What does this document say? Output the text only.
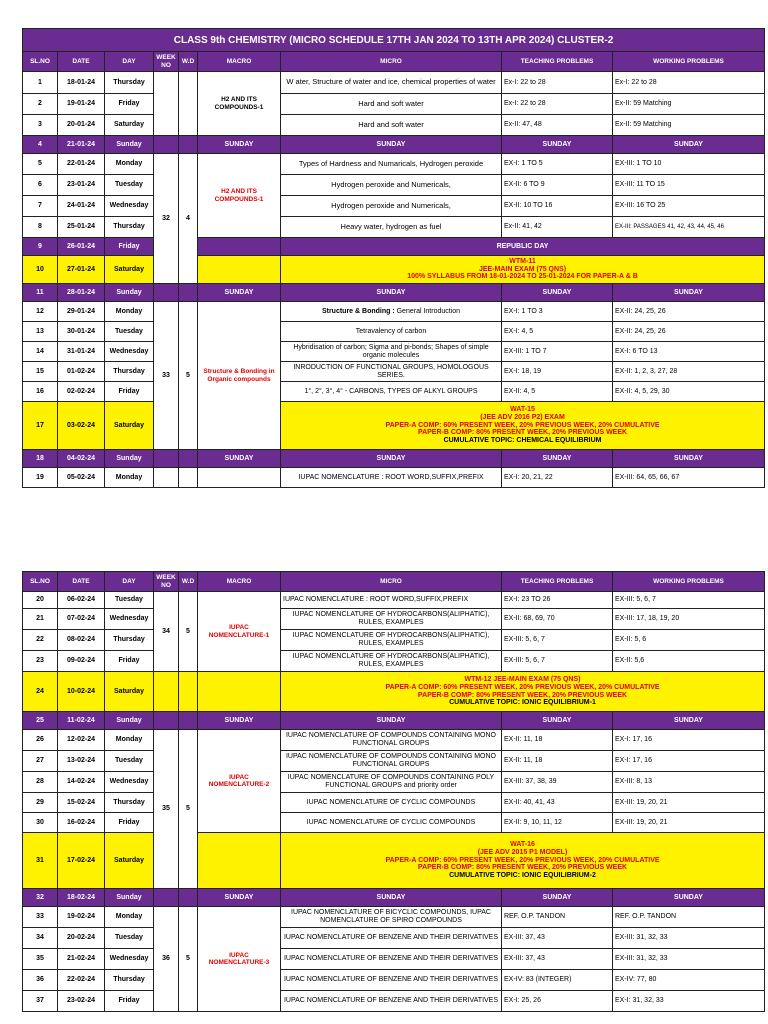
CLASS 9th CHEMISTRY (MICRO SCHEDULE 17TH JAN 2024 TO 13TH APR 2024) CLUSTER-2								
SL.NO	DATE	DAY	WEEK NO	W.D	MACRO	MICRO	TEACHING PROBLEMS	WORKING PROBLEMS
1	18-01-24	Thursday			H2 AND ITS COMPOUNDS-1	W ater, Structure of water and ice, chemical properties of water	Ex-I: 22 to 28	Ex-I: 22 to 28
2	19-01-24	Friday				Hard and soft water	Ex-I: 22 to 28	Ex-II: 59 Matching
3	20-01-24	Saturday				Hard and soft water	Ex-II: 47, 48	Ex-II: 59 Matching
4	21-01-24	Sunday			SUNDAY	SUNDAY	SUNDAY	SUNDAY
5	22-01-24	Monday	32	4	H2 AND ITS COMPOUNDS-1	Types of Hardness and Numaricals, Hydrogen peroxide	EX-I: 1 TO 5	EX-III: 1 TO 10
6	23-01-24	Tuesday				Hydrogen peroxide and Numericals,	EX-II: 6 TO 9	EX-III: 11 TO 15
7	24-01-24	Wednesday				Hydrogen peroxide and Numericals,	EX-II: 10 TO 16	EX-III: 16 TO 25
8	25-01-24	Thursday				Heavy water, hydrogen as fuel	Ex-II: 41, 42	EX-III: PASSAGES 41, 42, 43, 44, 45, 46
9	26-01-24	Friday				REPUBLIC DAY		
10	27-01-24	Saturday				WTM-11
JEE-MAIN EXAM (75 QNS)
100% SYLLABUS FROM 18-01-2024 TO 25-01-2024 FOR PAPER-A & B		

11	28-01-24	Sunday			SUNDAY	SUNDAY	SUNDAY	SUNDAY
12	29-01-24	Monday	33	5	Structure & Bonding in Organic compounds	Structure & Bonding : General Introduction	EX-I: 1 TO 3	EX-II: 24, 25, 26
13	30-01-24	Tuesday				Tetravalency of carbon	EX-I: 4, 5	EX-II: 24, 25, 26
14	31-01-24	Wednesday				Hybridisation of carbon; Sigma and pi-bonds; Shapes of simple organic molecules	EX-III: 1 TO 7	EX-I: 6 TO 13
15	01-02-24	Thursday				INRODUCTION OF FUNCTIONAL GROUPS, HOMOLOGOUS SERIES.	EX-I: 18, 19	EX-II: 1, 2, 3, 27, 28
16	02-02-24	Friday				1°, 2°, 3°, 4° - CARBONS, TYPES OF ALKYL GROUPS	EX-II: 4, 5	EX-II: 4, 5, 29, 30
17	03-02-24	Saturday				WAT-15
(JEE ADV 2016 P2) EXAM
PAPER-A COMP: 60% PRESENT WEEK, 20% PREVIOUS WEEK, 20% CUMULATIVE
PAPER-B COMP: 80% PRESENT WEEK, 20% PREVIOUS WEEK
CUMULATIVE TOPIC: CHEMICAL EQUILIBRIUM		

18	04-02-24	Sunday			SUNDAY	SUNDAY	SUNDAY	SUNDAY
19	05-02-24	Monday				IUPAC NOMENCLATURE : ROOT WORD,SUFFIX,PREFIX	EX-I: 20, 21, 22	EX-III: 64, 65, 66, 67
SL.NO	DATE	DAY	WEEK NO	W.D	MACRO	MICRO	TEACHING PROBLEMS	WORKING PROBLEMS
20	06-02-24	Tuesday	34	5	IUPAC NOMENCLATURE-1	IUPAC NOMENCLATURE : ROOT WORD,SUFFIX,PREFIX	EX-I: 23 TO 26	EX-III: 5, 6, 7
21	07-02-24	Wednesday				IUPAC NOMENCLATURE OF HYDROCARBONS(ALIPHATIC), RULES, EXAMPLES	EX-II: 68, 69, 70	EX-III: 17, 18, 19, 20
22	08-02-24	Thursday				IUPAC NOMENCLATURE OF HYDROCARBONS(ALIPHATIC), RULES, EXAMPLES	EX-III: 5, 6, 7	EX-II: 5, 6
23	09-02-24	Friday				IUPAC NOMENCLATURE OF HYDROCARBONS(ALIPHATIC), RULES, EXAMPLES	EX-III: 5, 6, 7	EX-II: 5,6
24	10-02-24	Saturday				WTM-12 JEE-MAIN EXAM (75 QNS)
PAPER-A COMP: 60% PRESENT WEEK, 20% PREVIOUS WEEK, 20% CUMULATIVE
PAPER-B COMP: 80% PRESENT WEEK, 20% PREVIOUS WEEK
CUMULATIVE TOPIC: IONIC EQUILIBRIUM-1		

25	11-02-24	Sunday			SUNDAY	SUNDAY	SUNDAY	SUNDAY
26	12-02-24	Monday	35	5	IUPAC NOMENCLATURE-2	IUPAC NOMENCLATURE OF COMPOUNDS CONTAINING MONO FUNCTIONAL GROUPS	EX-II: 11, 18	EX-I: 17, 16
27	13-02-24	Tuesday				IUPAC NOMENCLATURE OF COMPOUNDS CONTAINING MONO FUNCTIONAL GROUPS	EX-II: 11, 18	EX-I: 17, 16
28	14-02-24	Wednesday				IUPAC NOMENCLATURE OF COMPOUNDS CONTAINING POLY FUNCTIONAL GROUPS and priority order	EX-III: 37, 38, 39	EX-III: 8, 13
29	15-02-24	Thursday				IUPAC NOMENCLATURE OF CYCLIC COMPOUNDS	EX-II: 40, 41, 43	EX-III: 19, 20, 21
30	16-02-24	Friday				IUPAC NOMENCLATURE OF CYCLIC COMPOUNDS	EX-II: 9, 10, 11, 12	EX-III: 19, 20, 21
31	17-02-24	Saturday				WAT-16
(JEE ADV 2015 P1 MODEL)
PAPER-A COMP: 60% PRESENT WEEK, 20% PREVIOUS WEEK, 20% CUMULATIVE
PAPER-B COMP: 80% PRESENT WEEK, 20% PREVIOUS WEEK
CUMULATIVE TOPIC: IONIC EQUILIBRIUM-2		

32	18-02-24	Sunday			SUNDAY	SUNDAY	SUNDAY	SUNDAY
33	19-02-24	Monday	36	5	IUPAC NOMENCLATURE-3	IUPAC NOMENCLATURE OF BICYCLIC COMPOUNDS, IUPAC NOMENCLATURE OF SPIRO COMPOUNDS	REF. O.P. TANDON	REF. O.P. TANDON
34	20-02-24	Tuesday				IUPAC NOMENCLATURE OF BENZENE AND THEIR DERIVATIVES	EX-III: 37, 43	EX-III: 31, 32, 33
35	21-02-24	Wednesday				IUPAC NOMENCLATURE OF BENZENE AND THEIR DERIVATIVES	EX-III: 37, 43	EX-III: 31, 32, 33
36	22-02-24	Thursday				IUPAC NOMENCLATURE OF BENZENE AND THEIR DERIVATIVES	EX-IV: 83 (INTEGER)	EX-IV: 77, 80
37	23-02-24	Friday				IUPAC NOMENCLATURE OF BENZENE AND THEIR DERIVATIVES	EX-I: 25, 26	EX-I: 31, 32, 33
